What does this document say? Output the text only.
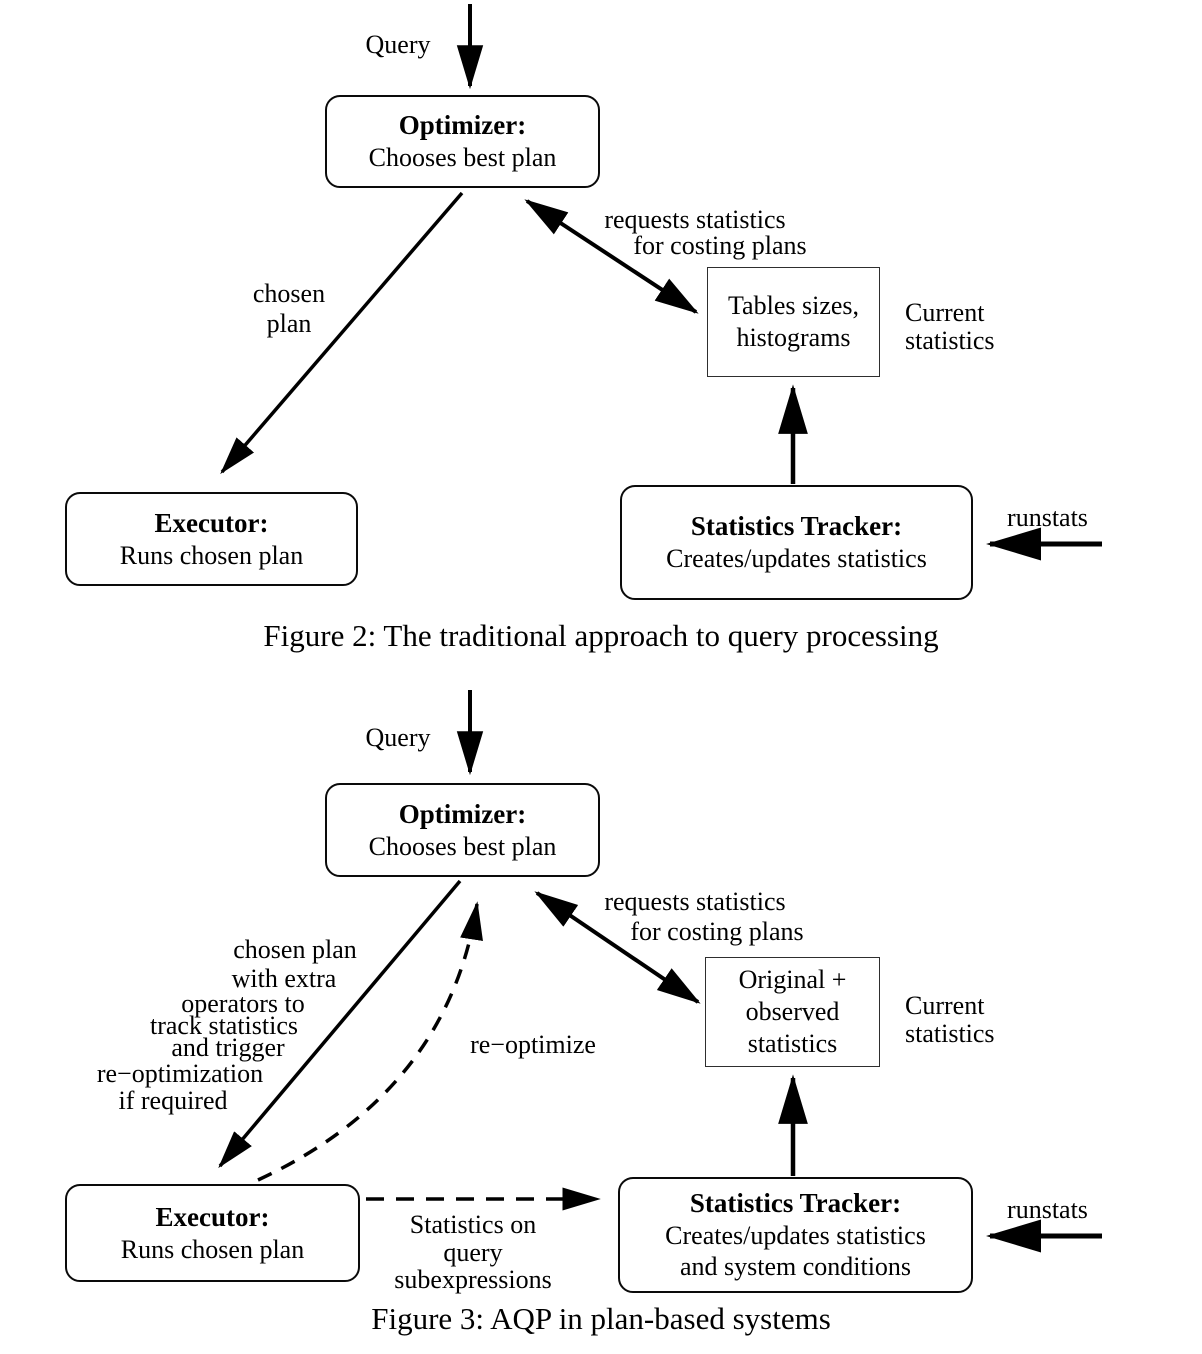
Query
Optimizer:
Chooses best plan
requests statistics
for costing plans
chosen
plan
Tables sizes,
histograms
Current
statistics
Executor:
Runs chosen plan
Statistics Tracker:
Creates/updates statistics
runstats
Figure 2: The traditional approach to query processing
Query
Optimizer:
Chooses best plan
requests statistics
for costing plans
chosen plan
with extra
operators to
track statistics
and trigger
re−optimization
if required
re−optimize
Original +
observed
statistics
Current
statistics
Executor:
Runs chosen plan
Statistics on
query
subexpressions
Statistics Tracker:
Creates/updates statistics
and system conditions
runstats
Figure 3: AQP in plan-based systems
